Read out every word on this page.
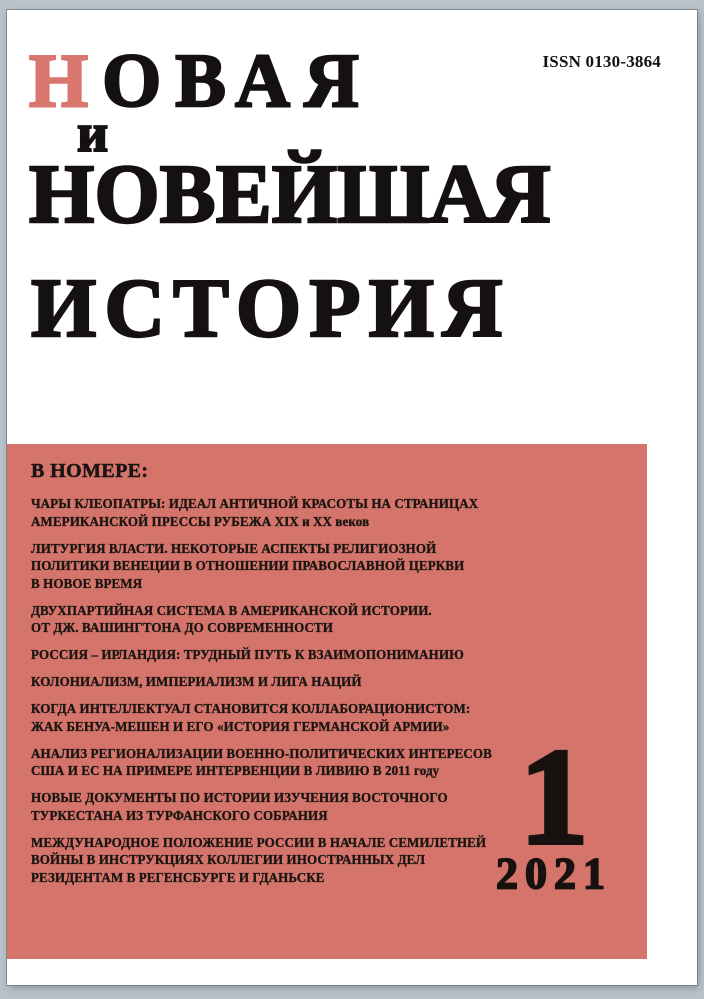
ISSN 0130-3864
НОВАЯ
и
НОВЕЙШАЯ
ИСТОРИЯ
В НОМЕРЕ:
ЧАРЫ КЛЕОПАТРЫ: ИДЕАЛ АНТИЧНОЙ КРАСОТЫ НА СТРАНИЦАХ
АМЕРИКАНСКОЙ ПРЕССЫ РУБЕЖА XIX и XX веков
ЛИТУРГИЯ ВЛАСТИ. НЕКОТОРЫЕ АСПЕКТЫ РЕЛИГИОЗНОЙ
ПОЛИТИКИ ВЕНЕЦИИ В ОТНОШЕНИИ ПРАВОСЛАВНОЙ ЦЕРКВИ
В НОВОЕ ВРЕМЯ
ДВУХПАРТИЙНАЯ СИСТЕМА В АМЕРИКАНСКОЙ ИСТОРИИ.
ОТ ДЖ. ВАШИНГТОНА ДО СОВРЕМЕННОСТИ
РОССИЯ – ИРЛАНДИЯ: ТРУДНЫЙ ПУТЬ К ВЗАИМОПОНИМАНИЮ
КОЛОНИАЛИЗМ, ИМПЕРИАЛИЗМ И ЛИГА НАЦИЙ
КОГДА ИНТЕЛЛЕКТУАЛ СТАНОВИТСЯ КОЛЛАБОРАЦИОНИСТОМ:
ЖАК БЕНУА-МЕШЕН И ЕГО «ИСТОРИЯ ГЕРМАНСКОЙ АРМИИ»
АНАЛИЗ РЕГИОНАЛИЗАЦИИ ВОЕННО-ПОЛИТИЧЕСКИХ ИНТЕРЕСОВ
США И ЕС НА ПРИМЕРЕ ИНТЕРВЕНЦИИ В ЛИВИЮ В 2011 году
НОВЫЕ ДОКУМЕНТЫ ПО ИСТОРИИ ИЗУЧЕНИЯ ВОСТОЧНОГО
ТУРКЕСТАНА ИЗ ТУРФАНСКОГО СОБРАНИЯ
МЕЖДУНАРОДНОЕ ПОЛОЖЕНИЕ РОССИИ В НАЧАЛЕ СЕМИЛЕТНЕЙ
ВОЙНЫ В ИНСТРУКЦИЯХ КОЛЛЕГИИ ИНОСТРАННЫХ ДЕЛ
РЕЗИДЕНТАМ В РЕГЕНСБУРГЕ И ГДАНЬСКЕ
1
2021
